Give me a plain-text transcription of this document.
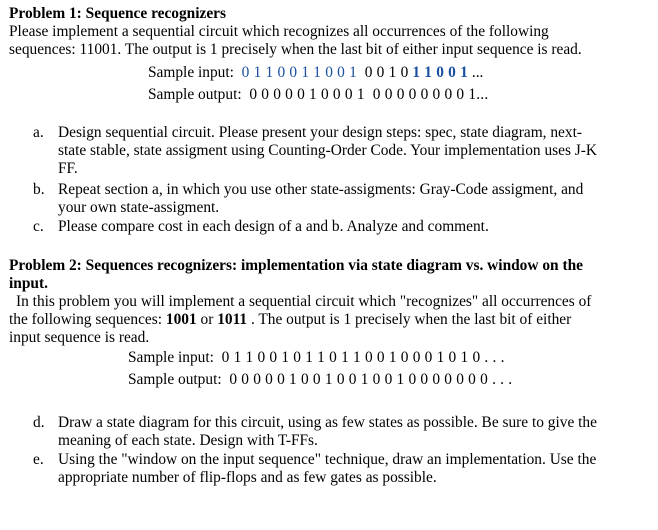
Problem 1: Sequence recognizers
Please implement a sequential circuit which recognizes all occurrences of the following
sequences: 11001. The output is 1 precisely when the last bit of either input sequence is read.
Sample input: 0 1 1 0 0 1 1 0 0 1 0 0 1 0 1 1 0 0 1 ...
Sample output: 0 0 0 0 0 1 0 0 0 1  0 0 0 0 0 0 0 0 1...
a. Design sequential circuit. Please present your design steps: spec, state diagram, next-
state stable, state assigment using Counting-Order Code. Your implementation uses J-K
FF.
b. Repeat section a, in which you use other state-assigments: Gray-Code assigment, and
your own state-assigment.
c. Please compare cost in each design of a and b. Analyze and comment.
Problem 2: Sequences recognizers: implementation via state diagram vs. window on the
input.
In this problem you will implement a sequential circuit which "recognizes" all occurrences of
the following sequences: 1001 or 1011 . The output is 1 precisely when the last bit of either
input sequence is read.
Sample input: 0 1 1 0 0 1 0 1 1 0 1 1 0 0 1 0 0 0 1 0 1 0 . . .
Sample output: 0 0 0 0 0 1 0 0 1 0 0 1 0 0 1 0 0 0 0 0 0 0 . . .
d. Draw a state diagram for this circuit, using as few states as possible. Be sure to give the
meaning of each state. Design with T-FFs.
e. Using the "window on the input sequence" technique, draw an implementation. Use the
appropriate number of flip-flops and as few gates as possible.
